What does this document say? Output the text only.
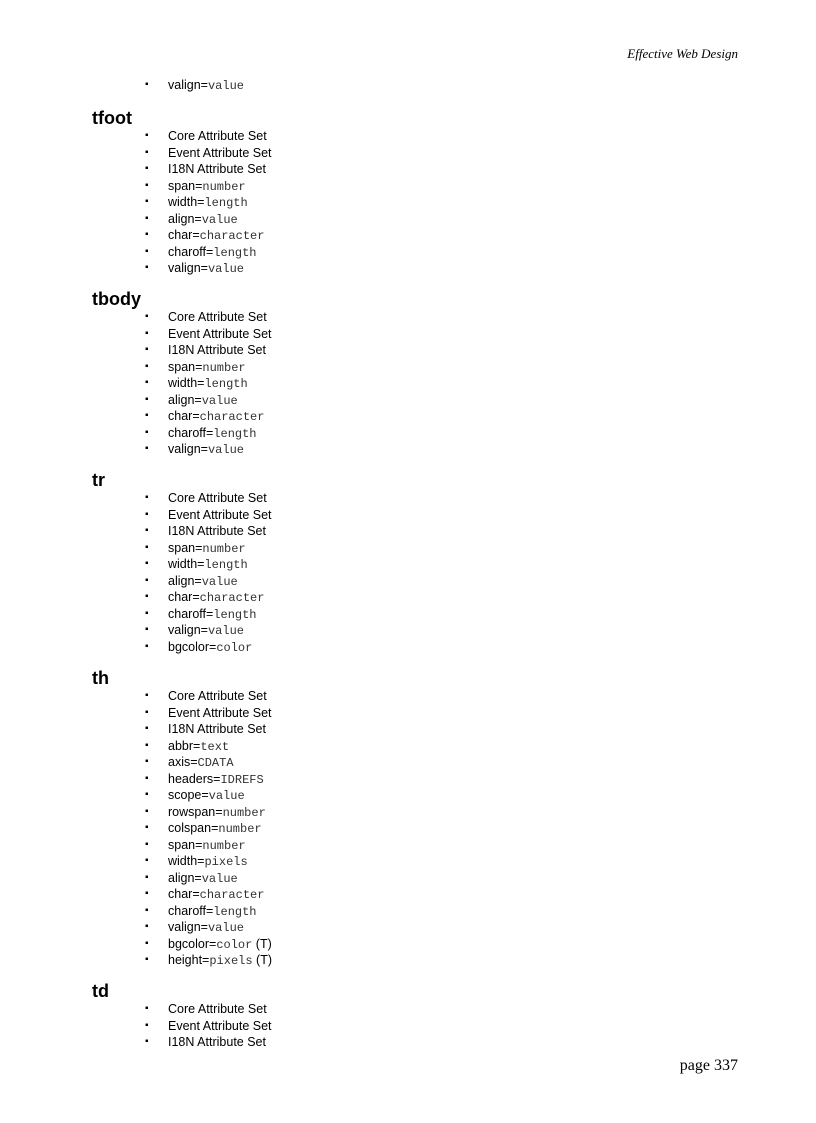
Effective Web Design
▪ valign=value
tfoot
▪ Core Attribute Set
▪ Event Attribute Set
▪ I18N Attribute Set
▪ span=number
▪ width=length
▪ align=value
▪ char=character
▪ charoff=length
▪ valign=value
tbody
▪ Core Attribute Set
▪ Event Attribute Set
▪ I18N Attribute Set
▪ span=number
▪ width=length
▪ align=value
▪ char=character
▪ charoff=length
▪ valign=value
tr
▪ Core Attribute Set
▪ Event Attribute Set
▪ I18N Attribute Set
▪ span=number
▪ width=length
▪ align=value
▪ char=character
▪ charoff=length
▪ valign=value
▪ bgcolor=color
th
▪ Core Attribute Set
▪ Event Attribute Set
▪ I18N Attribute Set
▪ abbr=text
▪ axis=CDATA
▪ headers=IDREFS
▪ scope=value
▪ rowspan=number
▪ colspan=number
▪ span=number
▪ width=pixels
▪ align=value
▪ char=character
▪ charoff=length
▪ valign=value
▪ bgcolor=color (T)
▪ height=pixels (T)
td
▪ Core Attribute Set
▪ Event Attribute Set
▪ I18N Attribute Set
page 337
